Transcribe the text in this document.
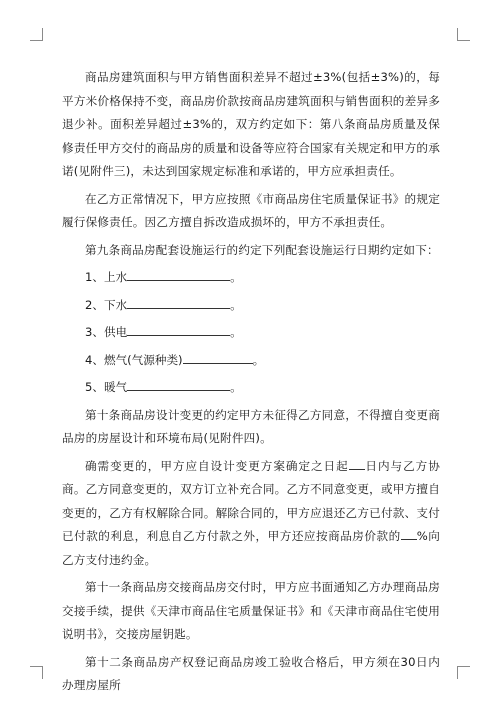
商品房建筑面积与甲方销售面积差异不超过±3%(包括±3%)的，每平方米价格保持不变，商品房价款按商品房建筑面积与销售面积的差异多退少补。面积差异超过±3%的，双方约定如下：第八条商品房质量及保修责任甲方交付的商品房的质量和设备等应符合国家有关规定和甲方的承诺(见附件三)，未达到国家规定标准和承诺的，甲方应承担责任。

在乙方正常情况下，甲方应按照《市商品房住宅质量保证书》的规定履行保修责任。因乙方擅自拆改造成损坏的，甲方不承担责任。

第九条商品房配套设施运行的约定下列配套设施运行日期约定如下：

1、上水	。
2、下水	。
3、供电	。
4、燃气(气源种类)	。
5、暖气	。

第十条商品房设计变更的约定甲方未征得乙方同意，不得擅自变更商品房的房屋设计和环境布局(见附件四)。

确需变更的，甲方应自设计变更方案确定之日起 日内与乙方协商。乙方同意变更的，双方订立补充合同。乙方不同意变更，或甲方擅自变更的，乙方有权解除合同。解除合同的，甲方应退还乙方已付款、支付已付款的利息，利息自乙方付款之外，甲方还应按商品房价款的 %向乙方支付违约金。

第十一条商品房交接商品房交付时，甲方应书面通知乙方办理商品房交接手续，提供《天津市商品住宅质量保证书》和《天津市商品住宅使用说明书》，交接房屋钥匙。

第十二条商品房产权登记商品房竣工验收合格后，甲方须在30日内办理房屋所
